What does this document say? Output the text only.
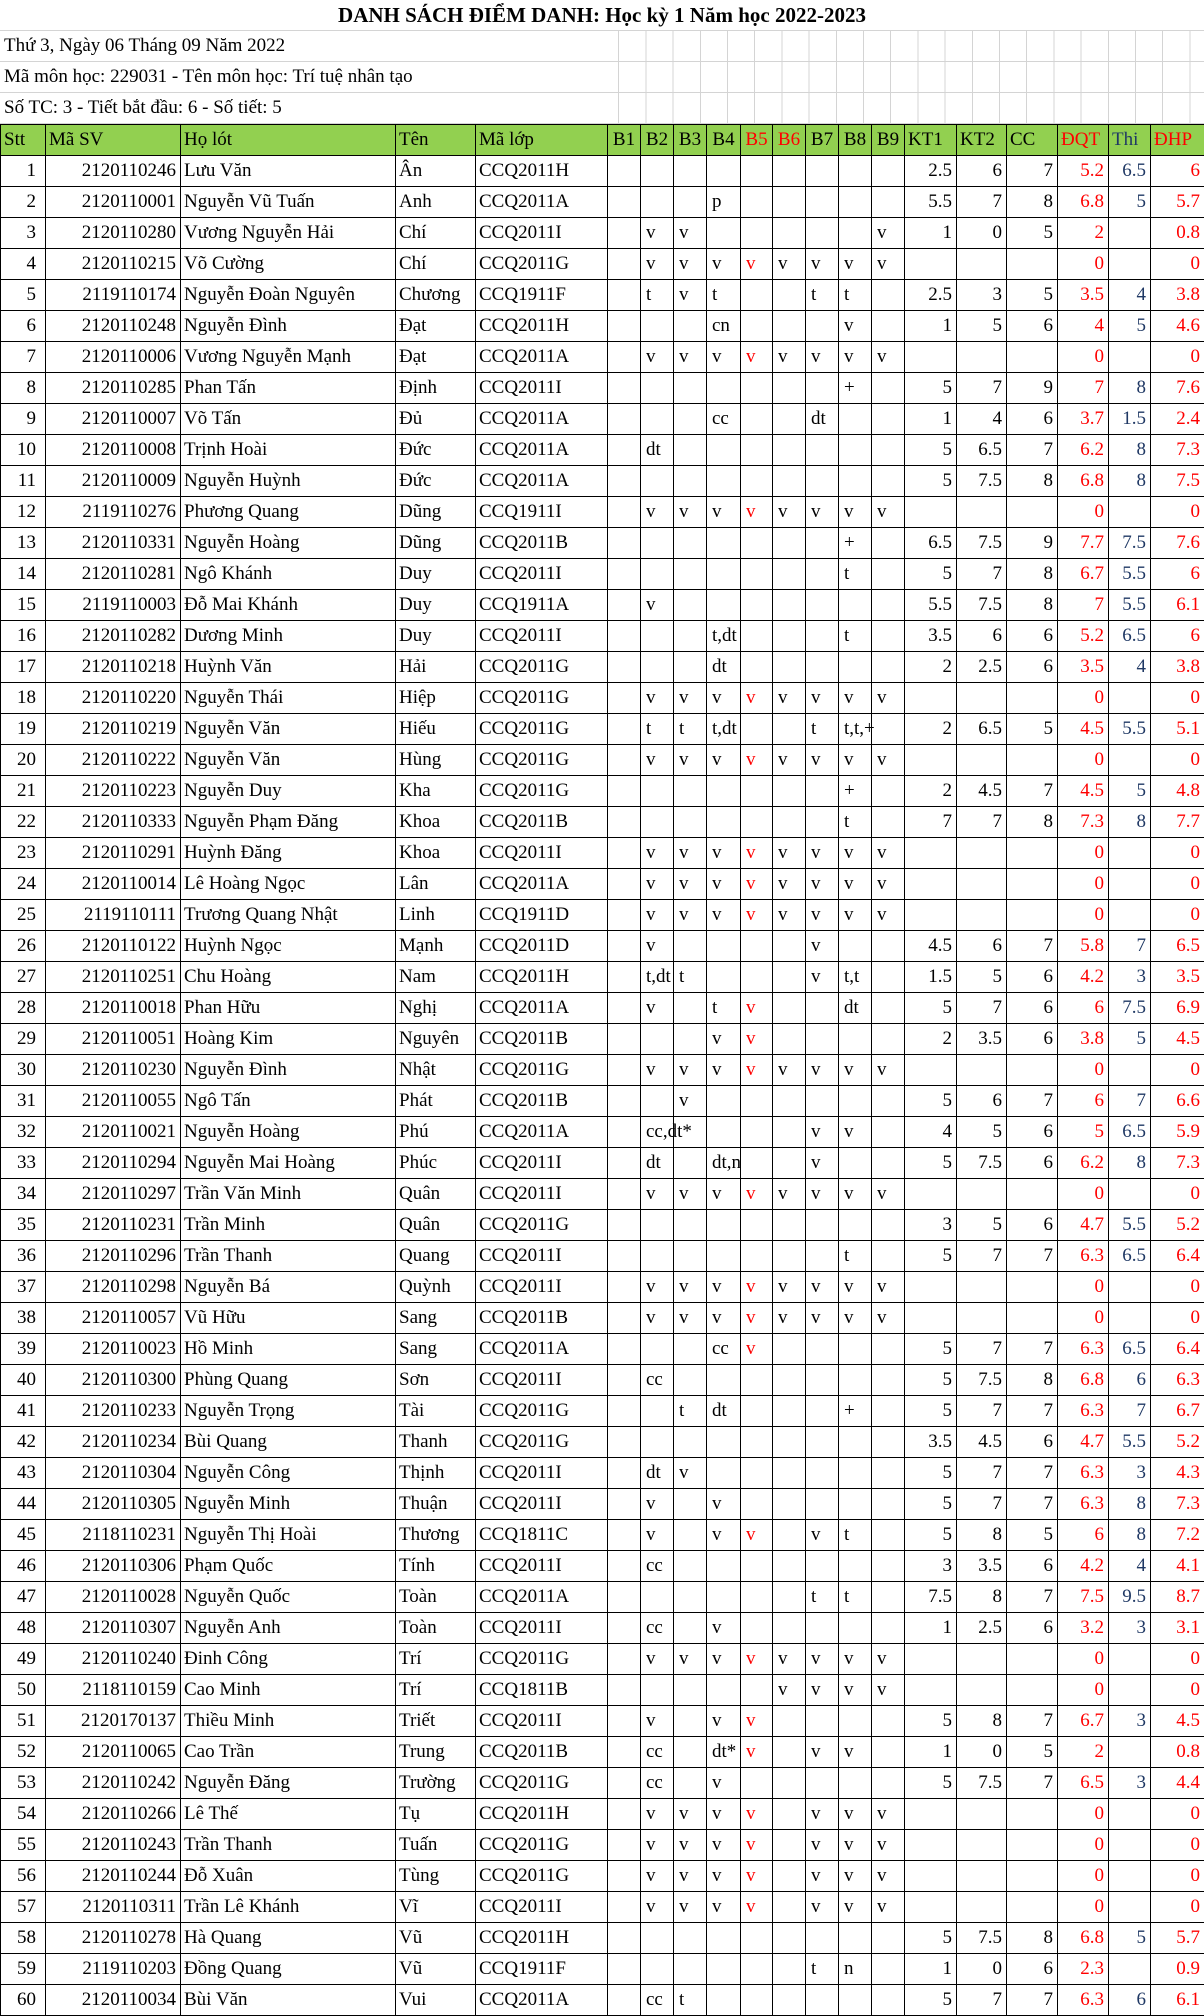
DANH SÁCH ĐIỂM DANH: Học kỳ 1 Năm học 2022-2023
Thứ 3, Ngày 06 Tháng 09 Năm 2022
Mã môn học: 229031 - Tên môn học: Trí tuệ nhân tạo
Số TC: 3 - Tiết bắt đầu: 6 - Số tiết: 5
Stt	Mã SV	Họ lót	Tên	Mã lớp	B1	B2	B3	B4	B5	B6	B7	B8	B9	KT1	KT2	CC	ĐQT	Thi	ĐHP
1	2120110246	Lưu Văn	Ân	CCQ2011H										2.5	6	7	5.2	6.5	6
2	2120110001	Nguyễn Vũ Tuấn	Anh	CCQ2011A				p						5.5	7	8	6.8	5	5.7
3	2120110280	Vương Nguyễn Hải	Chí	CCQ2011I		v	v						v	1	0	5	2		0.8
4	2120110215	Võ Cường	Chí	CCQ2011G		v	v	v	v	v	v	v	v				0		0
5	2119110174	Nguyễn Đoàn Nguyên	Chương	CCQ1911F		t	v	t			t	t		2.5	3	5	3.5	4	3.8
6	2120110248	Nguyễn Đình	Đạt	CCQ2011H				cn				v		1	5	6	4	5	4.6
7	2120110006	Vương Nguyễn Mạnh	Đạt	CCQ2011A		v	v	v	v	v	v	v	v				0		0
8	2120110285	Phan Tấn	Định	CCQ2011I								+		5	7	9	7	8	7.6
9	2120110007	Võ Tấn	Đủ	CCQ2011A				cc			dt			1	4	6	3.7	1.5	2.4
10	2120110008	Trịnh Hoài	Đức	CCQ2011A		dt								5	6.5	7	6.2	8	7.3
11	2120110009	Nguyễn Huỳnh	Đức	CCQ2011A										5	7.5	8	6.8	8	7.5
12	2119110276	Phương Quang	Dũng	CCQ1911I		v	v	v	v	v	v	v	v				0		0
13	2120110331	Nguyễn Hoàng	Dũng	CCQ2011B								+		6.5	7.5	9	7.7	7.5	7.6
14	2120110281	Ngô Khánh	Duy	CCQ2011I								t		5	7	8	6.7	5.5	6
15	2119110003	Đỗ Mai Khánh	Duy	CCQ1911A		v								5.5	7.5	8	7	5.5	6.1
16	2120110282	Dương Minh	Duy	CCQ2011I				t,dt				t		3.5	6	6	5.2	6.5	6
17	2120110218	Huỳnh Văn	Hải	CCQ2011G				dt						2	2.5	6	3.5	4	3.8
18	2120110220	Nguyễn Thái	Hiệp	CCQ2011G		v	v	v	v	v	v	v	v				0		0
19	2120110219	Nguyễn Văn	Hiếu	CCQ2011G		t	t	t,dt			t	t,t,+		2	6.5	5	4.5	5.5	5.1
20	2120110222	Nguyễn Văn	Hùng	CCQ2011G		v	v	v	v	v	v	v	v				0		0
21	2120110223	Nguyễn Duy	Kha	CCQ2011G								+		2	4.5	7	4.5	5	4.8
22	2120110333	Nguyễn Phạm Đăng	Khoa	CCQ2011B								t		7	7	8	7.3	8	7.7
23	2120110291	Huỳnh Đăng	Khoa	CCQ2011I		v	v	v	v	v	v	v	v				0		0
24	2120110014	Lê Hoàng Ngọc	Lân	CCQ2011A		v	v	v	v	v	v	v	v				0		0
25	2119110111	Trương Quang Nhật	Linh	CCQ1911D		v	v	v	v	v	v	v	v				0		0
26	2120110122	Huỳnh Ngọc	Mạnh	CCQ2011D		v					v			4.5	6	7	5.8	7	6.5
27	2120110251	Chu Hoàng	Nam	CCQ2011H		t,dt	t				v	t,t		1.5	5	6	4.2	3	3.5
28	2120110018	Phan Hữu	Nghị	CCQ2011A		v		t	v			dt		5	7	6	6	7.5	6.9
29	2120110051	Hoàng Kim	Nguyên	CCQ2011B				v	v					2	3.5	6	3.8	5	4.5
30	2120110230	Nguyễn Đình	Nhật	CCQ2011G		v	v	v	v	v	v	v	v				0		0
31	2120110055	Ngô Tấn	Phát	CCQ2011B			v							5	6	7	6	7	6.6
32	2120110021	Nguyễn Hoàng	Phú	CCQ2011A		cc,dt*					v	v		4	5	6	5	6.5	5.9
33	2120110294	Nguyễn Mai Hoàng	Phúc	CCQ2011I		dt		dt,n			v			5	7.5	6	6.2	8	7.3
34	2120110297	Trần Văn Minh	Quân	CCQ2011I		v	v	v	v	v	v	v	v				0		0
35	2120110231	Trần Minh	Quân	CCQ2011G										3	5	6	4.7	5.5	5.2
36	2120110296	Trần Thanh	Quang	CCQ2011I								t		5	7	7	6.3	6.5	6.4
37	2120110298	Nguyễn Bá	Quỳnh	CCQ2011I		v	v	v	v	v	v	v	v				0		0
38	2120110057	Vũ Hữu	Sang	CCQ2011B		v	v	v	v	v	v	v	v				0		0
39	2120110023	Hồ Minh	Sang	CCQ2011A				cc	v					5	7	7	6.3	6.5	6.4
40	2120110300	Phùng Quang	Sơn	CCQ2011I		cc								5	7.5	8	6.8	6	6.3
41	2120110233	Nguyễn Trọng	Tài	CCQ2011G			t	dt				+		5	7	7	6.3	7	6.7
42	2120110234	Bùi Quang	Thanh	CCQ2011G										3.5	4.5	6	4.7	5.5	5.2
43	2120110304	Nguyễn Công	Thịnh	CCQ2011I		dt	v							5	7	7	6.3	3	4.3
44	2120110305	Nguyễn Minh	Thuận	CCQ2011I		v		v						5	7	7	6.3	8	7.3
45	2118110231	Nguyễn Thị Hoài	Thương	CCQ1811C		v		v	v		v	t		5	8	5	6	8	7.2
46	2120110306	Phạm Quốc	Tính	CCQ2011I		cc								3	3.5	6	4.2	4	4.1
47	2120110028	Nguyễn Quốc	Toàn	CCQ2011A							t	t		7.5	8	7	7.5	9.5	8.7
48	2120110307	Nguyễn Anh	Toàn	CCQ2011I		cc		v						1	2.5	6	3.2	3	3.1
49	2120110240	Đinh Công	Trí	CCQ2011G		v	v	v	v	v	v	v	v				0		0
50	2118110159	Cao Minh	Trí	CCQ1811B						v	v	v	v				0		0
51	2120170137	Thiều Minh	Triết	CCQ2011I		v		v	v					5	8	7	6.7	3	4.5
52	2120110065	Cao Trần	Trung	CCQ2011B		cc		dt*	v		v	v		1	0	5	2		0.8
53	2120110242	Nguyễn Đăng	Trường	CCQ2011G		cc		v						5	7.5	7	6.5	3	4.4
54	2120110266	Lê Thế	Tụ	CCQ2011H		v	v	v	v		v	v	v				0		0
55	2120110243	Trần Thanh	Tuấn	CCQ2011G		v	v	v	v		v	v	v				0		0
56	2120110244	Đỗ Xuân	Tùng	CCQ2011G		v	v	v	v		v	v	v				0		0
57	2120110311	Trần Lê Khánh	Vĩ	CCQ2011I		v	v	v	v		v	v	v				0		0
58	2120110278	Hà Quang	Vũ	CCQ2011H										5	7.5	8	6.8	5	5.7
59	2119110203	Đồng Quang	Vũ	CCQ1911F							t	n		1	0	6	2.3		0.9
60	2120110034	Bùi Văn	Vui	CCQ2011A		cc	t							5	7	7	6.3	6	6.1
